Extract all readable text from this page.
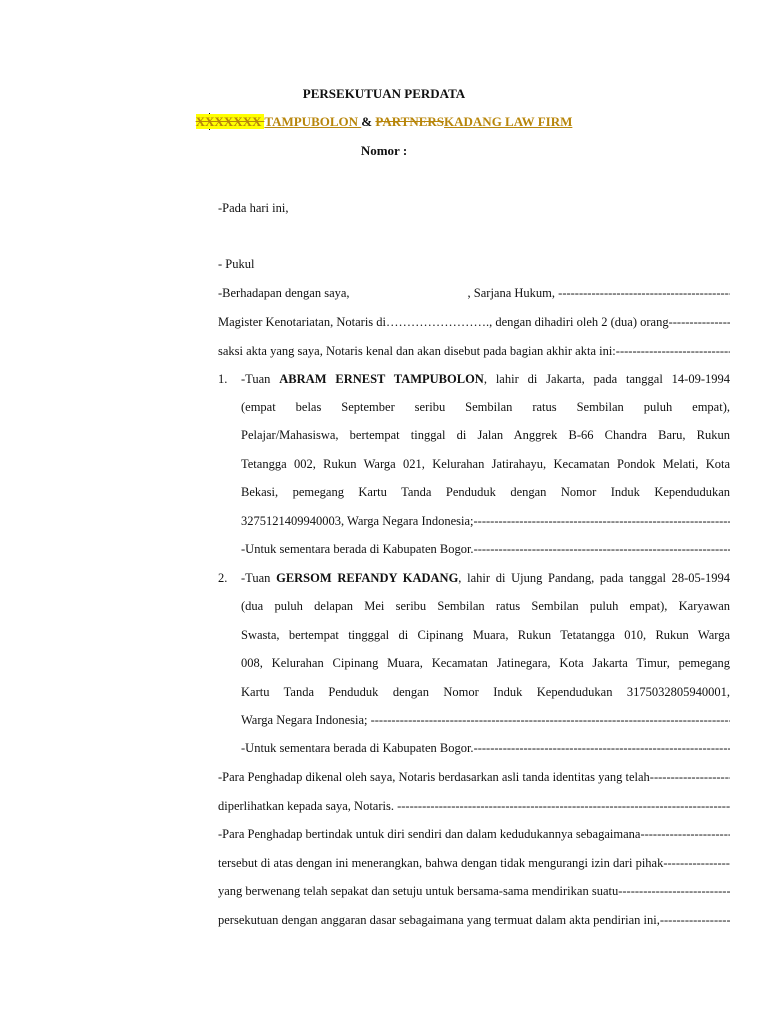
PERSEKUTUAN PERDATA
XXXXXXX TAMPUBOLON & PARTNERSKADANG LAW FIRM
Nomor :
-Pada hari ini,
- Pukul
-Berhadapan dengan saya,	, Sarjana Hukum,
-----
Magister Kenotariatan, Notaris di……………………., dengan dihadiri oleh 2 (dua) orang
-----
saksi akta yang saya, Notaris kenal dan akan disebut pada bagian akhir akta ini:
-----
1. -Tuan ABRAM ERNEST TAMPUBOLON, lahir di Jakarta, pada tanggal 14-09-1994
(empat belas September seribu Sembilan ratus Sembilan puluh empat),
Pelajar/Mahasiswa, bertempat tinggal di Jalan Anggrek B-66 Chandra Baru, Rukun
Tetangga 002, Rukun Warga 021, Kelurahan Jatirahayu, Kecamatan Pondok Melati, Kota
Bekasi, pemegang Kartu Tanda Penduduk dengan Nomor Induk Kependudukan
3275121409940003, Warga Negara Indonesia;
-----
-Untuk sementara berada di Kabupaten Bogor.
-----
2. -Tuan GERSOM REFANDY KADANG, lahir di Ujung Pandang, pada tanggal 28-05-1994
(dua puluh delapan Mei seribu Sembilan ratus Sembilan puluh empat), Karyawan
Swasta, bertempat tingggal di Cipinang Muara, Rukun Tetatangga 010, Rukun Warga
008, Kelurahan Cipinang Muara, Kecamatan Jatinegara, Kota Jakarta Timur, pemegang
Kartu Tanda Penduduk dengan Nomor Induk Kependudukan 3175032805940001,
Warga Negara Indonesia;
-----
-Untuk sementara berada di Kabupaten Bogor.
-----
-Para Penghadap dikenal oleh saya, Notaris berdasarkan asli tanda identitas yang telah
-----
diperlihatkan kepada saya, Notaris.
-----
-Para Penghadap bertindak untuk diri sendiri dan dalam kedudukannya sebagaimana
-----
tersebut di atas dengan ini menerangkan, bahwa dengan tidak mengurangi izin dari pihak
-----
yang berwenang telah sepakat dan setuju untuk bersama-sama mendirikan suatu
-----
persekutuan dengan anggaran dasar sebagaimana yang termuat dalam akta pendirian ini,
-----
